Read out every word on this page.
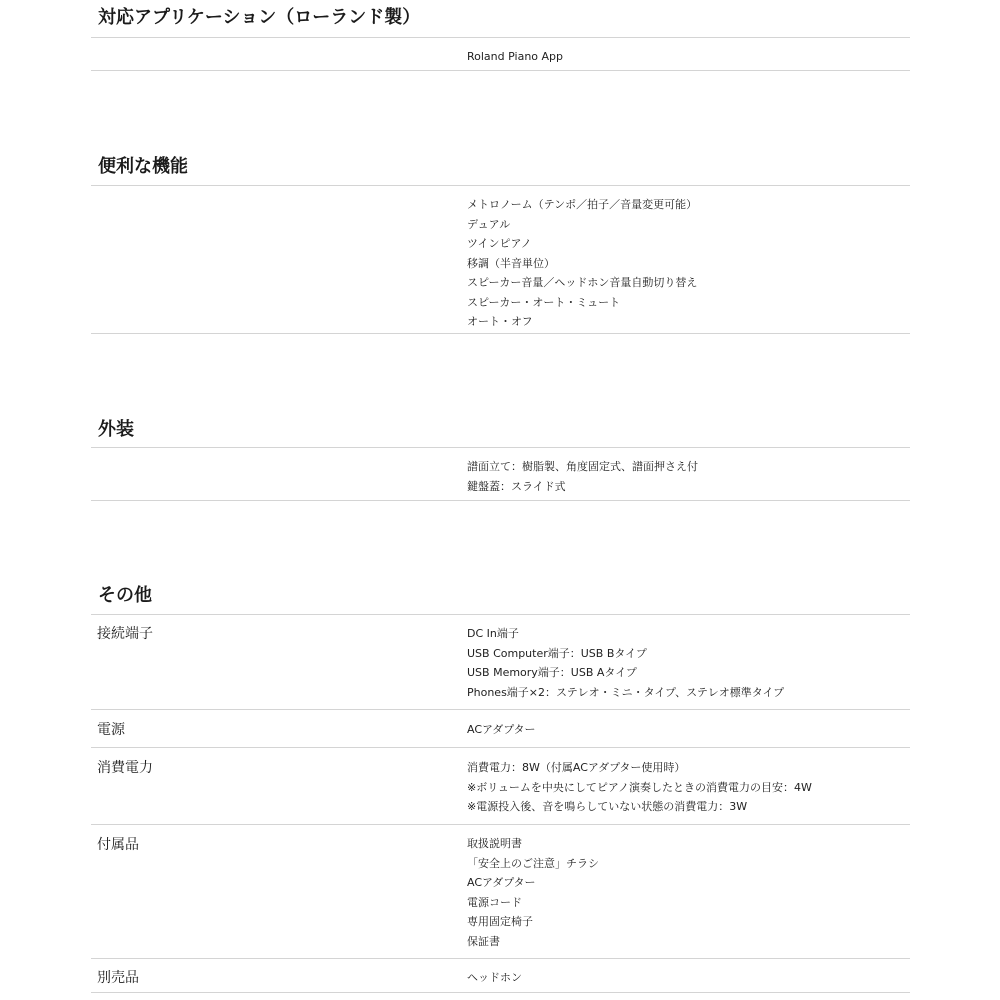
対応アプリケーション（ローランド製）
Roland Piano App
便利な機能
メトロノーム（テンポ／拍子／音量変更可能）
デュアル
ツインピアノ
移調（半音単位）
スピーカー音量／ヘッドホン音量自動切り替え
スピーカー・オート・ミュート
オート・オフ
外装
譜面立て：樹脂製、角度固定式、譜面押さえ付
鍵盤蓋：スライド式
その他
接続端子	DC In端子
USB Computer端子：USB Bタイプ
USB Memory端子：USB Aタイプ
Phones端子×2：ステレオ・ミニ・タイプ、ステレオ標準タイプ
電源	ACアダプター
消費電力	消費電力：8W（付属ACアダプター使用時）
※ボリュームを中央にしてピアノ演奏したときの消費電力の目安：4W
※電源投入後、音を鳴らしていない状態の消費電力：3W
付属品	取扱説明書
「安全上のご注意」チラシ
ACアダプター
電源コード
専用固定椅子
保証書
別売品	ヘッドホン
